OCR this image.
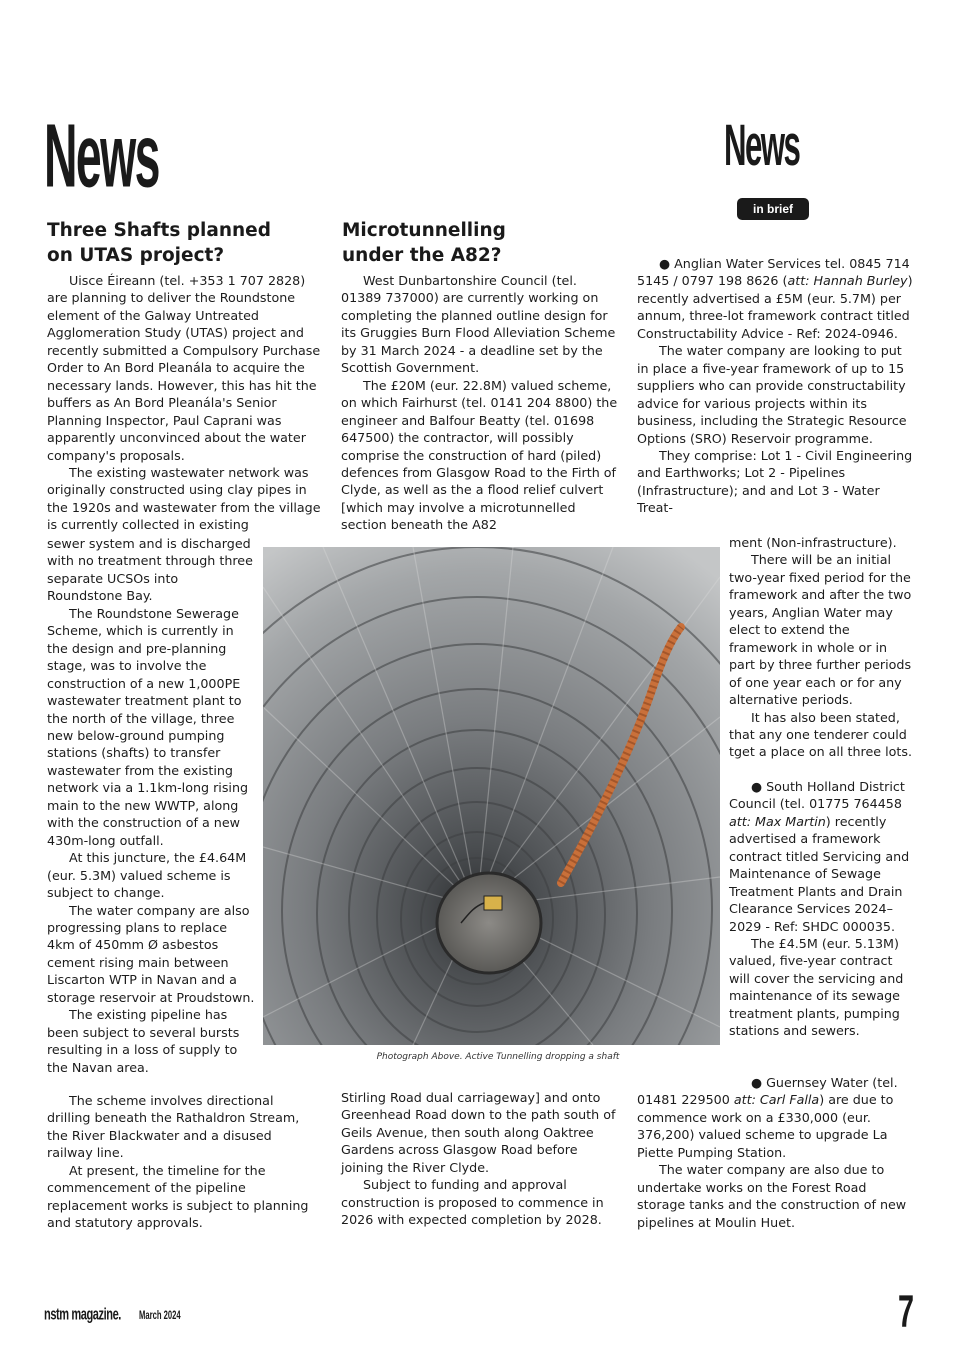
News	News
in brief

Three Shafts planned

on UTAS project?

Uisce Éireann (tel. +353 1 707 2828) are planning to deliver the Roundstone element of the Galway Untreated Agglomeration Study (UTAS) project and recently submitted a Compulsory Purchase Order to An Bord Pleanála to acquire the necessary lands. However, this has hit the buffers as An Bord Pleanála's Senior Planning Inspector, Paul Caprani was apparently unconvinced about the water company's proposals.

The existing wastewater network was originally constructed using clay pipes in the 1920s and wastewater from the village is currently collected in existing

sewer system and is discharged with no treatment through three separate UCSOs into Roundstone Bay.

The Roundstone Sewerage Scheme, which is currently in the design and pre-planning stage, was to involve the construction of a new 1,000PE wastewater treatment plant to the north of the village, three new below-ground pumping stations (shafts) to transfer wastewater from the existing network via a 1.1km-long rising main to the new WWTP, along with the construction of a new 430m-long outfall.

At this juncture, the £4.64M (eur. 5.3M) valued scheme is subject to change.

The water company are also progressing plans to replace 4km of 450mm Ø asbestos cement rising main between Liscarton WTP in Navan and a storage reservoir at Proudstown.

The existing pipeline has been subject to several bursts resulting in a loss of supply to the Navan area.

The scheme involves directional drilling beneath the Rathaldron Stream, the River Blackwater and a disused railway line.

At present, the timeline for the commencement of the pipeline replacement works is subject to planning and statutory approvals.

Microtunnelling

under the A82?

West Dunbartonshire Council (tel. 01389 737000) are currently working on completing the planned outline design for its Gruggies Burn Flood Alleviation Scheme by 31 March 2024 - a deadline set by the Scottish Government.

The £20M (eur. 22.8M) valued scheme, on which Fairhurst (tel. 0141 204 8800) the engineer and Balfour Beatty (tel. 01698 647500) the contractor, will possibly comprise the construction of hard (piled) defences from Glasgow Road to the Firth of Clyde, as well as the a flood relief culvert [which may involve a microtunnelled section beneath the A82

Stirling Road dual carriageway] and onto Greenhead Road down to the path south of Geils Avenue, then south along Oaktree Gardens across Glasgow Road before joining the River Clyde.

Subject to funding and approval construction is proposed to commence in 2026 with expected completion by 2028.

● Anglian Water Services tel. 0845 714 5145 / 0797 198 8626 (att: Hannah Burley) recently advertised a £5M (eur. 5.7M) per annum, three-lot framework contract titled Constructability Advice - Ref: 2024-0946.

The water company are looking to put in place a five-year framework of up to 15 suppliers who can provide constructability advice for various projects within its business, including the Strategic Resource Options (SRO) Reservoir programme.

They comprise: Lot 1 - Civil Engineering and Earthworks; Lot 2 - Pipelines (Infrastructure); and and Lot 3 - Water Treat-

ment (Non-infrastructure).

There will be an initial two-year fixed period for the framework and after the two years, Anglian Water may elect to extend the framework in whole or in part by three further periods of one year each or for any alternative periods.

It has also been stated, that any one tenderer could tget a place on all three lots.

● South Holland District Council (tel. 01775 764458 att: Max Martin) recently advertised a framework contract titled Servicing and Maintenance of Sewage Treatment Plants and Drain Clearance Services 2024–2029 - Ref: SHDC 000035.

The £4.5M (eur. 5.13M) valued, five-year contract will cover the servicing and maintenance of its sewage treatment plants, pumping stations and sewers.

● Guernsey Water (tel. 01481 229500 att: Carl Falla) are due to commence work on a £330,000 (eur. 376,200) valued scheme to upgrade La Piette Pumping Station.

The water company are also due to undertake works on the Forest Road storage tanks and the construction of new pipelines at Moulin Huet.

Photograph Above. Active Tunnelling dropping a shaft
nstm magazine. March 2024	7
